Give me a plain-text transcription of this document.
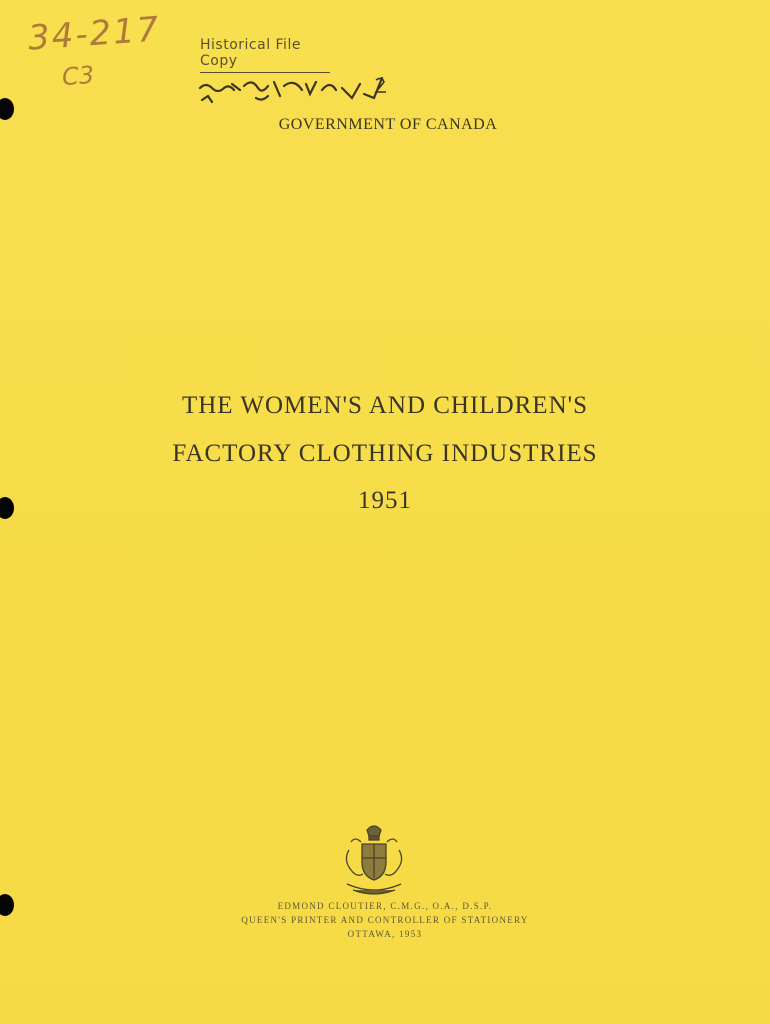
34-217
C3
Historical File Copy
GOVERNMENT OF CANADA
THE WOMEN'S AND CHILDREN'S
FACTORY CLOTHING INDUSTRIES
1951
EDMOND CLOUTIER, C.M.G., O.A., D.S.P.
QUEEN'S PRINTER AND CONTROLLER OF STATIONERY
OTTAWA, 1953
